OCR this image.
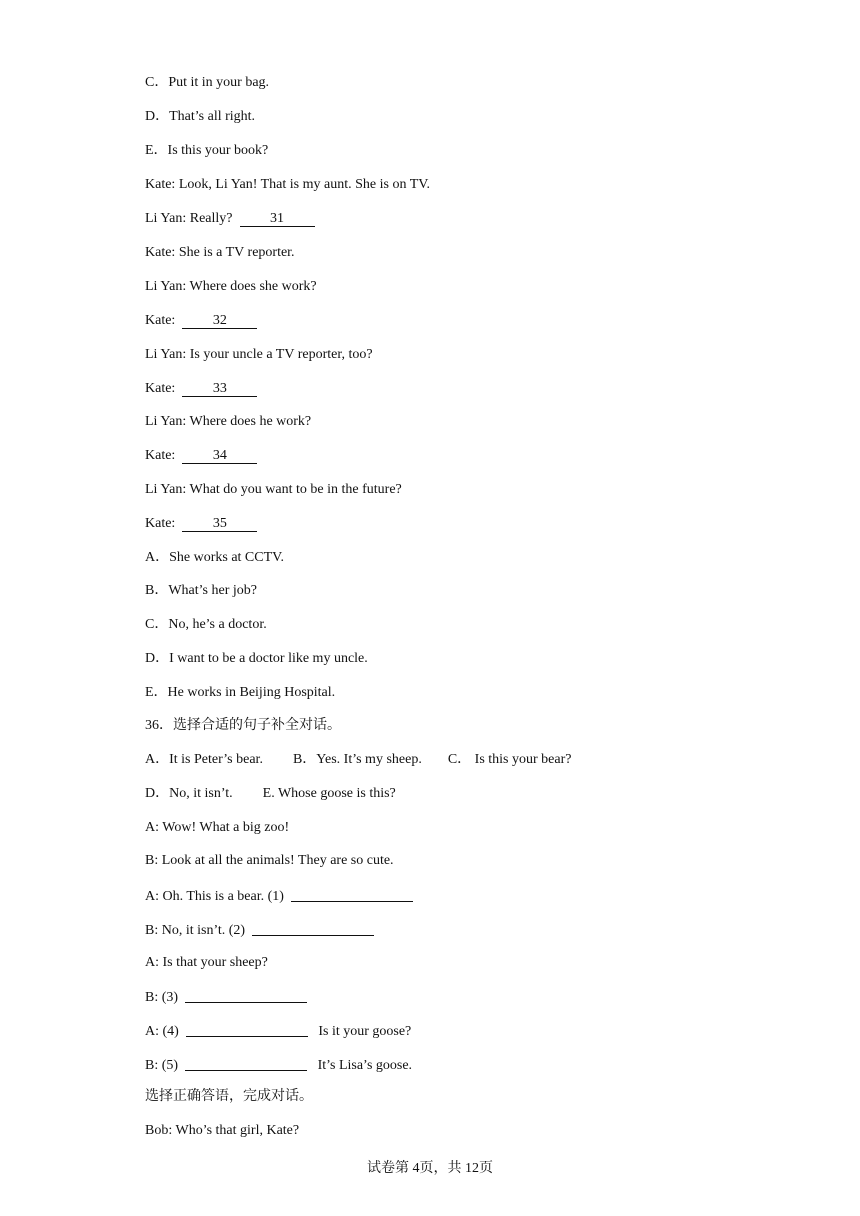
C．Put it in your bag.
D．That’s all right.
E．Is this your book?
Kate: Look, Li Yan! That is my aunt. She is on TV.
Li Yan: Really?	31
Kate: She is a TV reporter.
Li Yan: Where does she work?
Kate:	32
Li Yan: Is your uncle a TV reporter, too?
Kate:	33
Li Yan: Where does he work?
Kate:	34
Li Yan: What do you want to be in the future?
Kate:	35
A．She works at CCTV.
B．What’s her job?
C．No, he’s a doctor.
D．I want to be a doctor like my uncle.
E．He works in Beijing Hospital.
36．选择合适的句子补全对话。
A．It is Peter’s bear. B．Yes. It’s my sheep. C． Is this your bear?
D．No, it isn’t. E. Whose goose is this?
A: Wow! What a big zoo!
B: Look at all the animals! They are so cute.
A: Oh. This is a bear. (1)
B: No, it isn’t. (2)
A: Is that your sheep?
B: (3)
A: (4)	Is it your goose?
B: (5)	It’s Lisa’s goose.
选择正确答语，完成对话。
Bob: Who’s that girl, Kate?
试卷第 4页，共 12页
